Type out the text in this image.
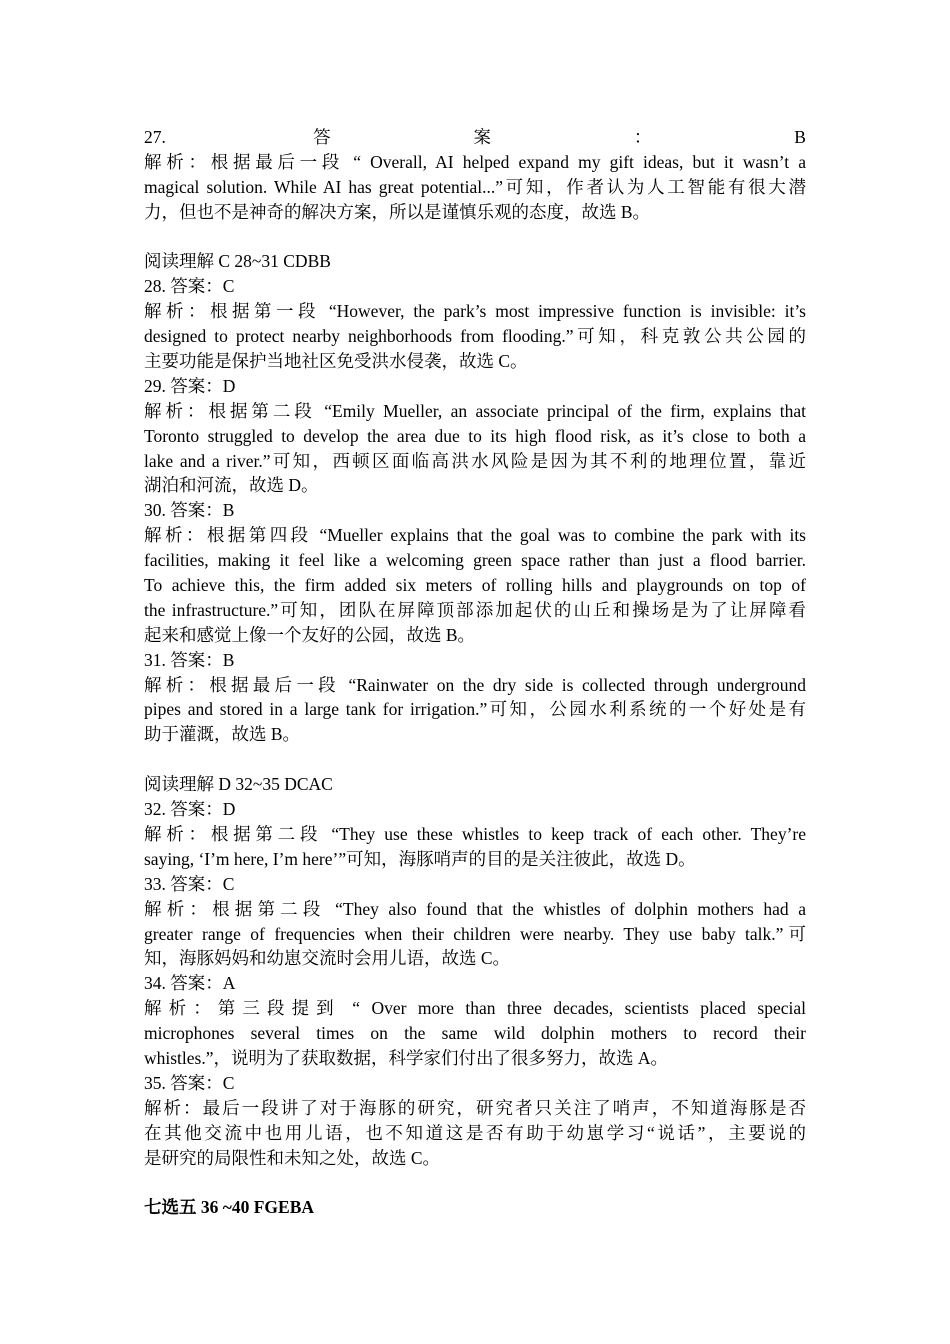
27. 答案：B
解析：根据最后一段 “ Overall, AI helped expand my gift ideas, but it wasn’t a
magical solution. While AI has great potential...”可知，作者认为人工智能有很大潜
力，但也不是神奇的解决方案，所以是谨慎乐观的态度，故选 B。
阅读理解 C 28~31 CDBB
28. 答案：C
解析：根据第一段 “However, the park’s most impressive function is invisible: it’s
designed to protect nearby neighborhoods from flooding.”可知，科克敦公共公园的
主要功能是保护当地社区免受洪水侵袭，故选 C。
29. 答案：D
解析：根据第二段 “Emily Mueller, an associate principal of the firm, explains that
Toronto struggled to develop the area due to its high flood risk, as it’s close to both a
lake and a river.”可知，西顿区面临高洪水风险是因为其不利的地理位置，靠近
湖泊和河流，故选 D。
30. 答案：B
解析：根据第四段 “Mueller explains that the goal was to combine the park with its
facilities, making it feel like a welcoming green space rather than just a flood barrier.
To achieve this, the firm added six meters of rolling hills and playgrounds on top of
the infrastructure.”可知，团队在屏障顶部添加起伏的山丘和操场是为了让屏障看
起来和感觉上像一个友好的公园，故选 B。
31. 答案：B
解析：根据最后一段 “Rainwater on the dry side is collected through underground
pipes and stored in a large tank for irrigation.”可知，公园水利系统的一个好处是有
助于灌溉，故选 B。
阅读理解 D 32~35 DCAC
32. 答案：D
解析：根据第二段 “They use these whistles to keep track of each other. They’re
saying, ‘I’m here, I’m here’”可知，海豚哨声的目的是关注彼此，故选 D。
33. 答案：C
解析：根据第二段 “They also found that the whistles of dolphin mothers had a
greater range of frequencies when their children were nearby. They use baby talk.”可
知，海豚妈妈和幼崽交流时会用儿语，故选 C。
34. 答案：A
解析：第三段提到 “ Over more than three decades, scientists placed special
microphones several times on the same wild dolphin mothers to record their
whistles.”，说明为了获取数据，科学家们付出了很多努力，故选 A。
35. 答案：C
解析：最后一段讲了对于海豚的研究，研究者只关注了哨声，不知道海豚是否
在其他交流中也用儿语，也不知道这是否有助于幼崽学习“说话”，主要说的
是研究的局限性和未知之处，故选 C。
七选五 36 ~40 FGEBA
